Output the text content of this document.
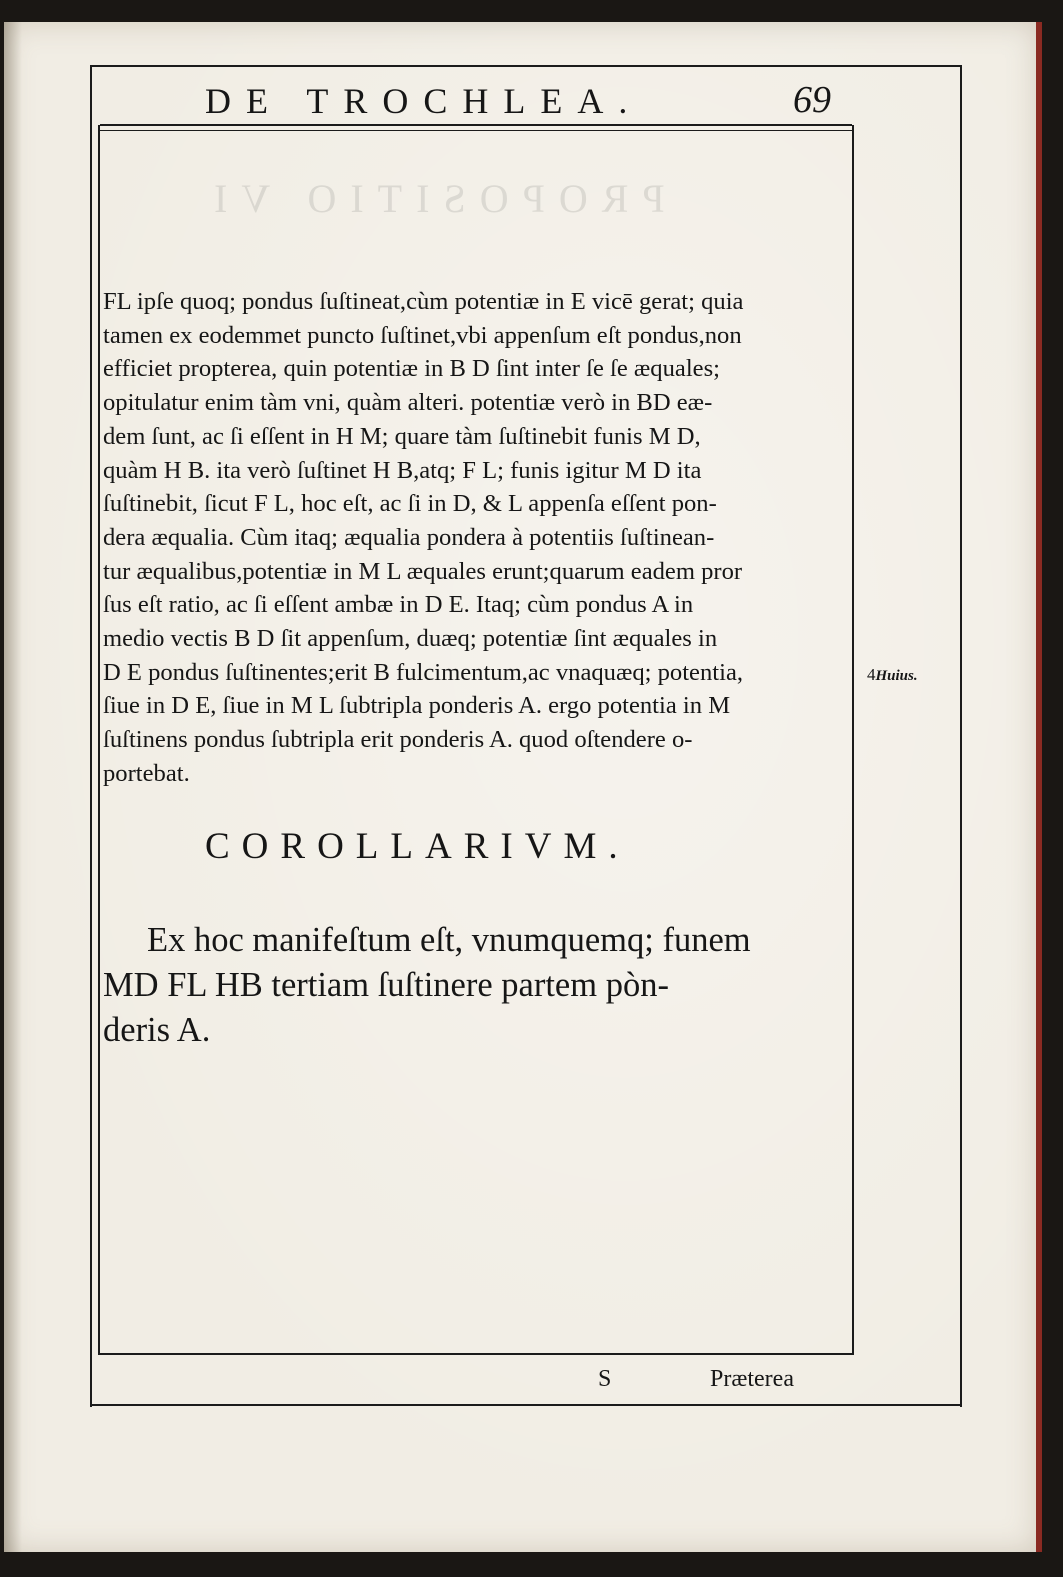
PROPOSITIO VI
DE TROCHLEA.	69

FL ipſe quoq; pondus ſuſtineat,cùm potentiæ in E vicē gerat; quia
tamen ex eodemmet puncto ſuſtinet,vbi appenſum eſt pondus,non
efficiet propterea, quin potentiæ in B D ſint inter ſe ſe æquales;
opitulatur enim tàm vni, quàm alteri. potentiæ verò in BD eæ-
dem ſunt, ac ſi eſſent in H M; quare tàm ſuſtinebit funis M D,
quàm H B. ita verò ſuſtinet H B,atq; F L; funis igitur M D ita
ſuſtinebit, ſicut F L, hoc eſt, ac ſi in D, & L appenſa eſſent pon-
dera æqualia. Cùm itaq; æqualia pondera à potentiis ſuſtinean-
tur æqualibus,potentiæ in M L æquales erunt;quarum eadem pror
ſus eſt ratio, ac ſi eſſent ambæ in D E. Itaq; cùm pondus A in
medio vectis B D ſit appenſum, duæq; potentiæ ſint æquales in
D E pondus ſuſtinentes;erit B fulcimentum,ac vnaquæq; potentia,
ſiue in D E, ſiue in M L ſubtripla ponderis A. ergo potentia in M
ſuſtinens pondus ſubtripla erit ponderis A. quod oſtendere o-
portebat.

4Huius.
COROLLARIVM.

Ex hoc manifeſtum eſt, vnumquemq; funem
MD FL HB tertiam ſuſtinere partem pòn-
deris A.

S	Præterea
